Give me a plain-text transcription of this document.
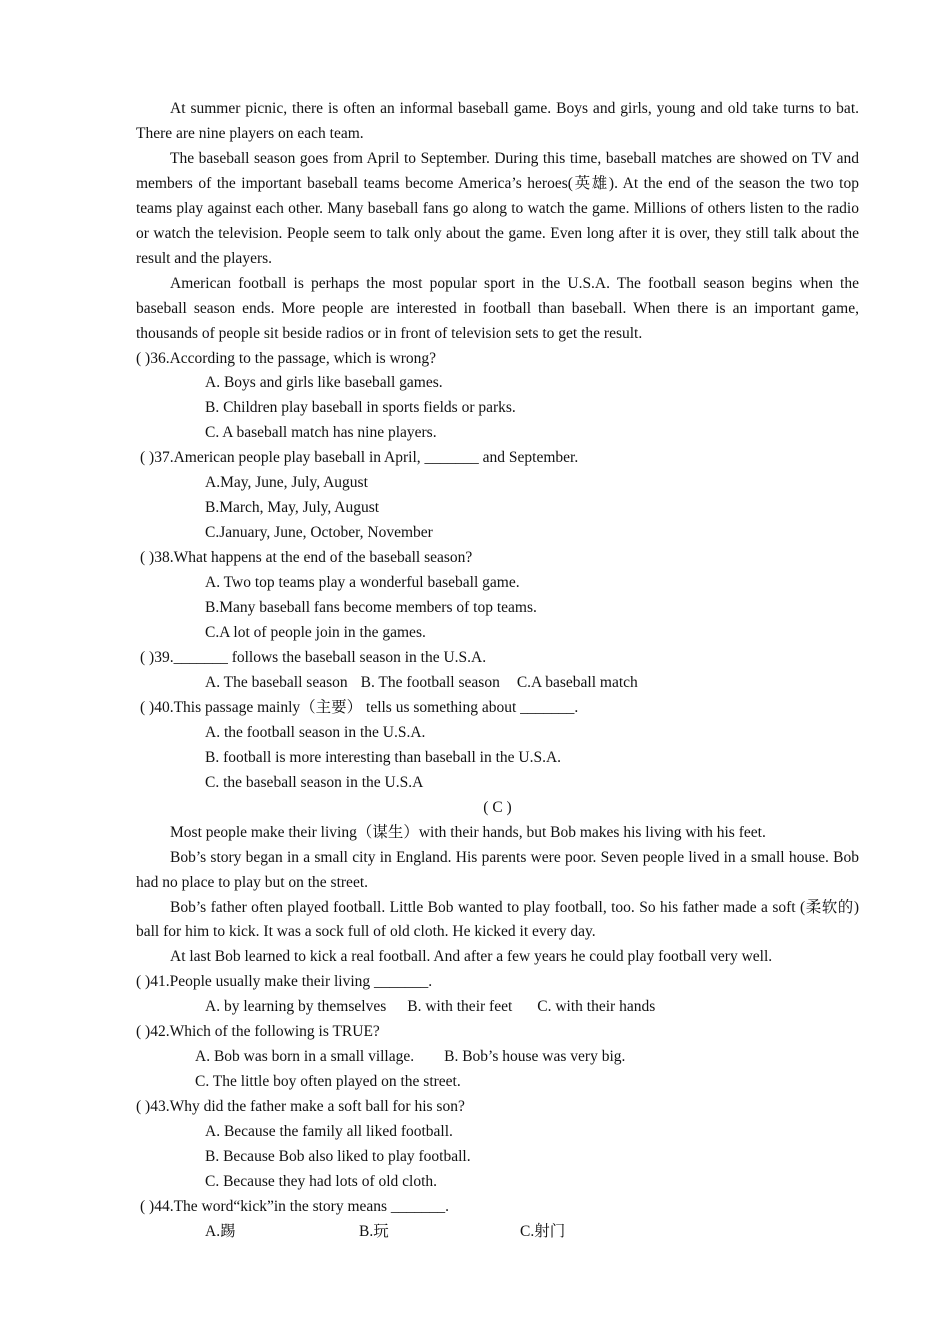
At summer picnic, there is often an informal baseball game. Boys and girls, young and old take turns to bat. There are nine players on each team.

The baseball season goes from April to September. During this time, baseball matches are showed on TV and members of the important baseball teams become America’s heroes(英雄). At the end of the season the two top teams play against each other. Many baseball fans go along to watch the game. Millions of others listen to the radio or watch the television. People seem to talk only about the game. Even long after it is over, they still talk about the result and the players.

American football is perhaps the most popular sport in the U.S.A. The football season begins when the baseball season ends. More people are interested in football than baseball. When there is an important game, thousands of people sit beside radios or in front of television sets to get the result.

( )36.According to the passage, which is wrong?

A. Boys and girls like baseball games.

B. Children play baseball in sports fields or parks.

C. A baseball match has nine players.

( )37.American people play baseball in April, _______ and September.

A.May, June, July, August

B.March, May, July, August

C.January, June, October, November

( )38.What happens at the end of the baseball season?

A. Two top teams play a wonderful baseball game.

B.Many baseball fans become members of top teams.

C.A lot of people join in the games.

( )39._______ follows the baseball season in the U.S.A.

A. The baseball season B. The football season C.A baseball match

( )40.This passage mainly（主要） tells us something about _______.

A. the football season in the U.S.A.

B. football is more interesting than baseball in the U.S.A.

C. the baseball season in the U.S.A

( C )

Most people make their living（谋生）with their hands, but Bob makes his living with his feet.

Bob’s story began in a small city in England. His parents were poor. Seven people lived in a small house. Bob had no place to play but on the street.

Bob’s father often played football. Little Bob wanted to play football, too. So his father made a soft (柔软的) ball for him to kick. It was a sock full of old cloth. He kicked it every day.

At last Bob learned to kick a real football. And after a few years he could play football very well.

( )41.People usually make their living _______.

A. by learning by themselves B. with their feet C. with their hands

( )42.Which of the following is TRUE?

A. Bob was born in a small village. B. Bob’s house was very big.

C. The little boy often played on the street.

( )43.Why did the father make a soft ball for his son?

A. Because the family all liked football.

B. Because Bob also liked to play football.

C. Because they had lots of old cloth.

( )44.The word“kick”in the story means _______.

A.踢	B.玩	C.射门
